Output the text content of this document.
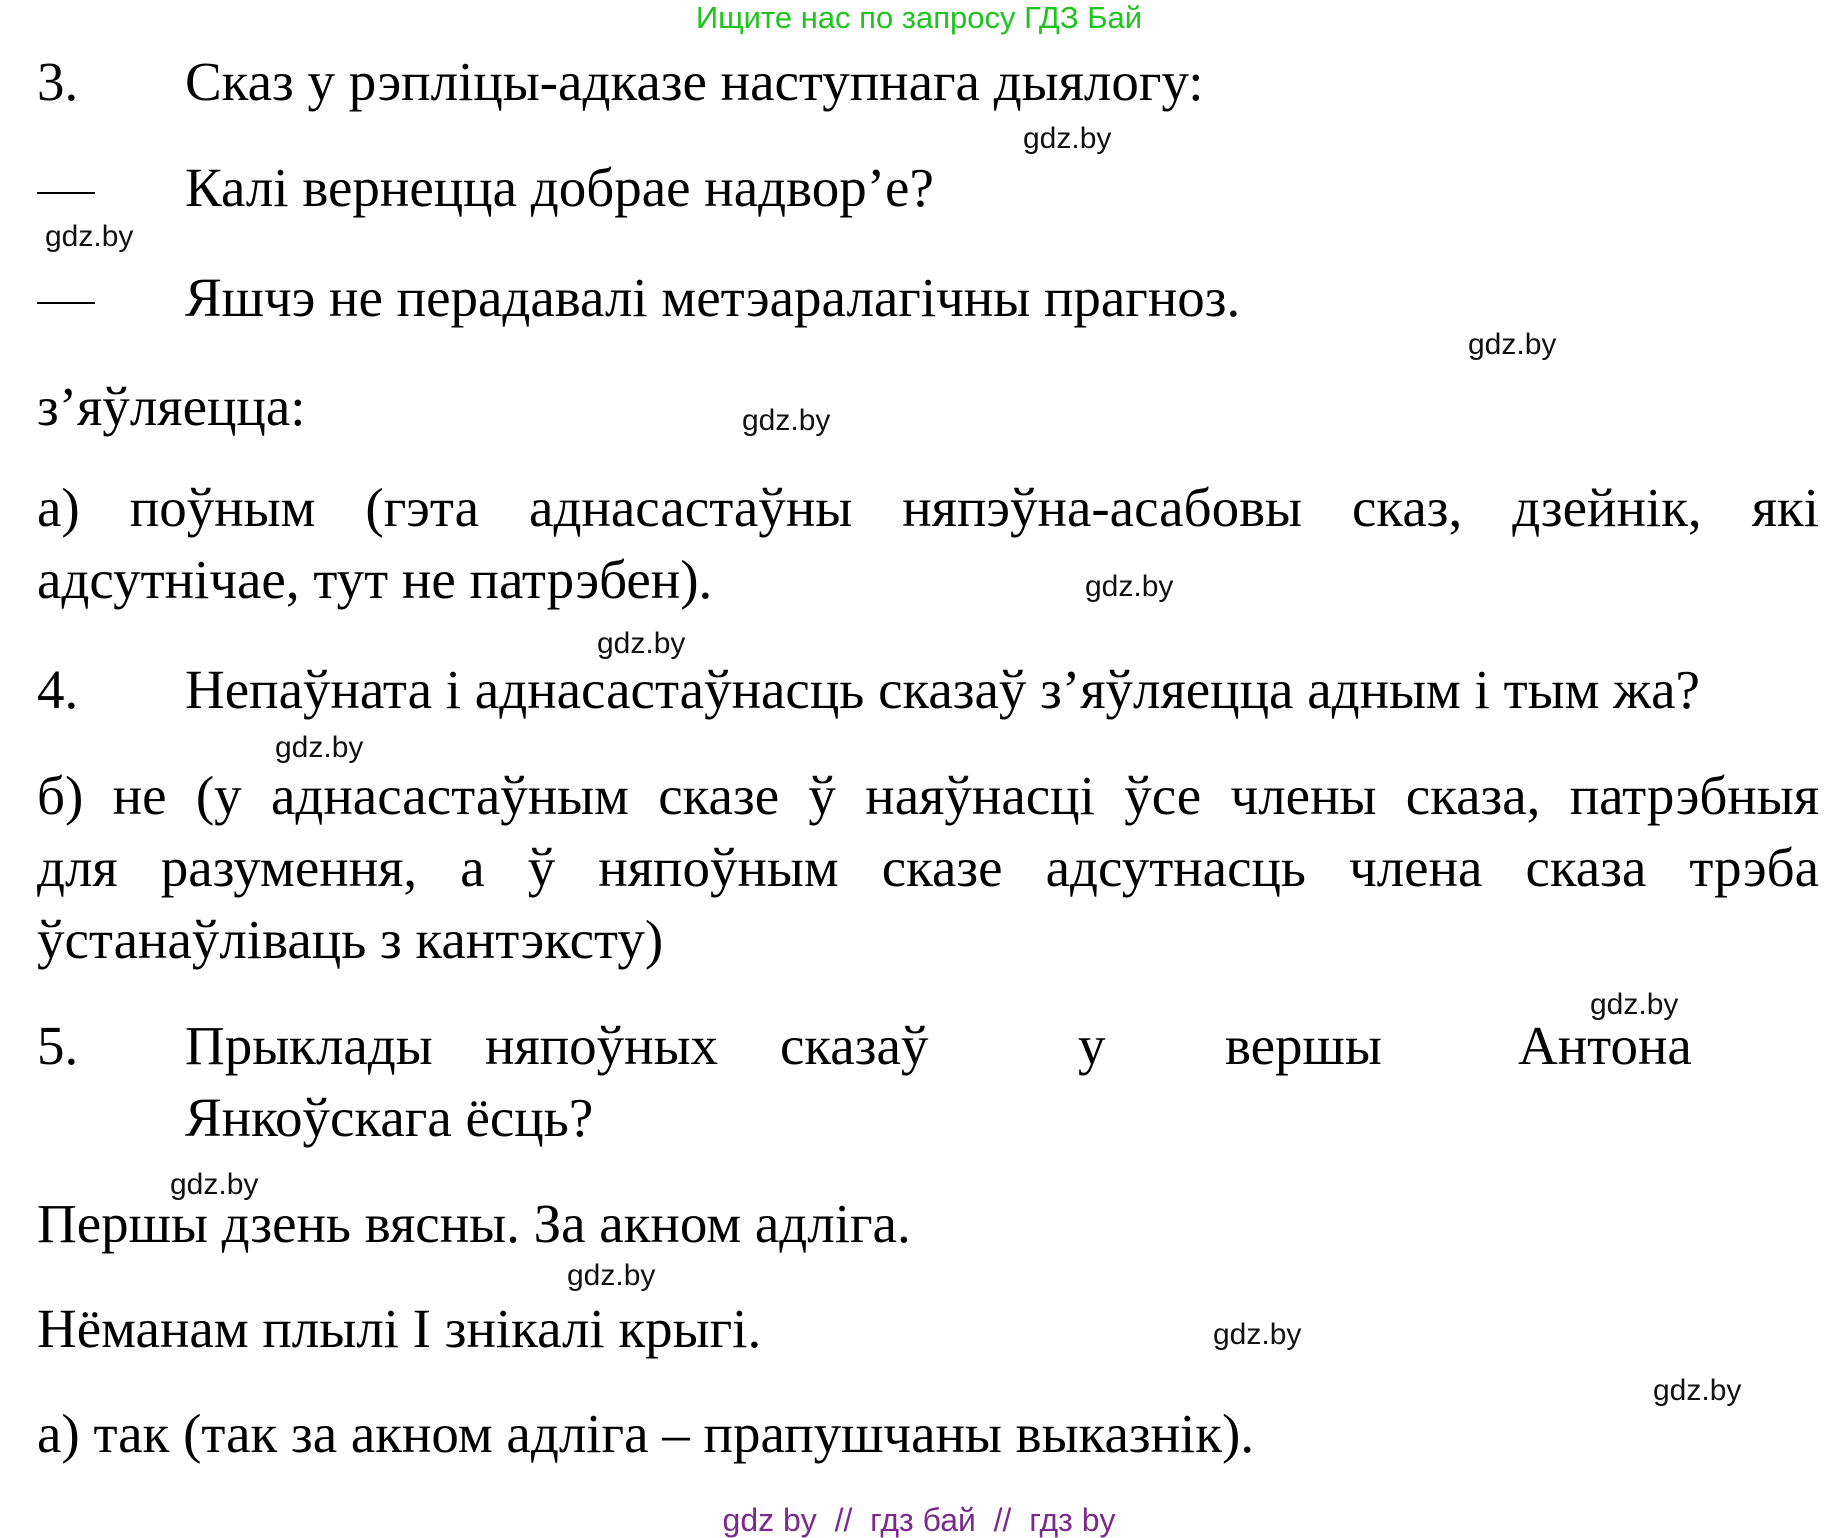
Ищите нас по запросу ГДЗ Бай
3. Сказ у рэпліцы-адказе наступнага дыялогу:
Калі вернецца добрае надвор’е?
Яшчэ не перадавалі метэаралагічны прагноз.
з’яўляецца:
а) поўным (гэта аднасастаўны няпэўна-асабовы сказ, дзейнік, які
адсутнічае, тут не патрэбен).
4. Непаўната і аднасастаўнасць сказаў з’яўляецца адным і тым жа?
б) не (у аднасастаўным сказе ў наяўнасці ўсе члены сказа, патрэбныя
для разумення, а ў няпоўным сказе адсутнасць члена сказа трэба
ўстанаўліваць з кантэксту)
5. Прыклады няпоўных сказаў	у вершы Антона
Янкоўскага ёсць?
Першы дзень вясны. За акном адліга.
Нёманам плылі І знікалі крыгі.
а) так (так за акном адліга – прапушчаны выказнік).
gdz.by
gdz.by
gdz.by
gdz.by
gdz.by
gdz.by
gdz.by
gdz.by
gdz.by
gdz.by
gdz.by
gdz.by
gdz by  //  гдз бай  //  гдз by
